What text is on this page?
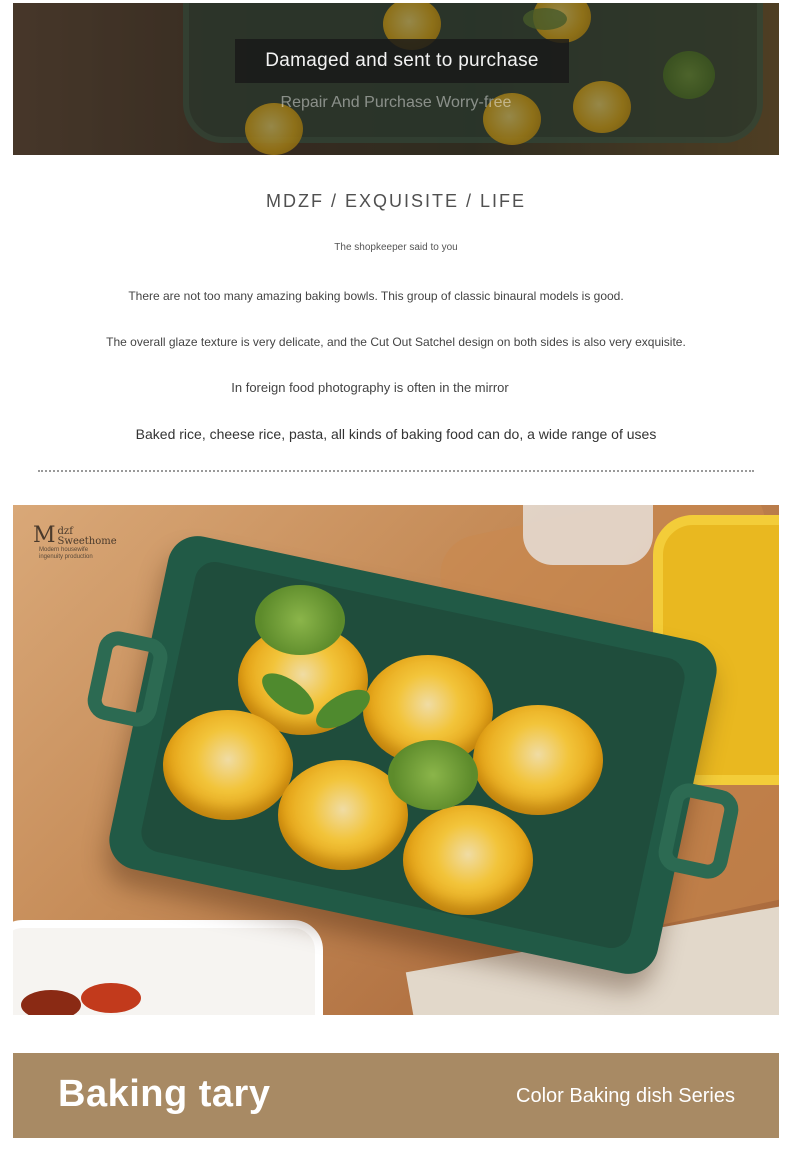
Damaged and sent to purchase
Repair And Purchase Worry-free
MDZF / EXQUISITE / LIFE
The shopkeeper said to you
There are not too many amazing baking bowls. This group of classic binaural models is good.
The overall glaze texture is very delicate, and the Cut Out Satchel design on both sides is also very exquisite.
In foreign food photography is often in the mirror
Baked rice, cheese rice, pasta, all kinds of baking food can do, a wide range of uses
M dzf
Sweethome
Modern housewife
ingenuity production
Baking tary	Color Baking dish Series
